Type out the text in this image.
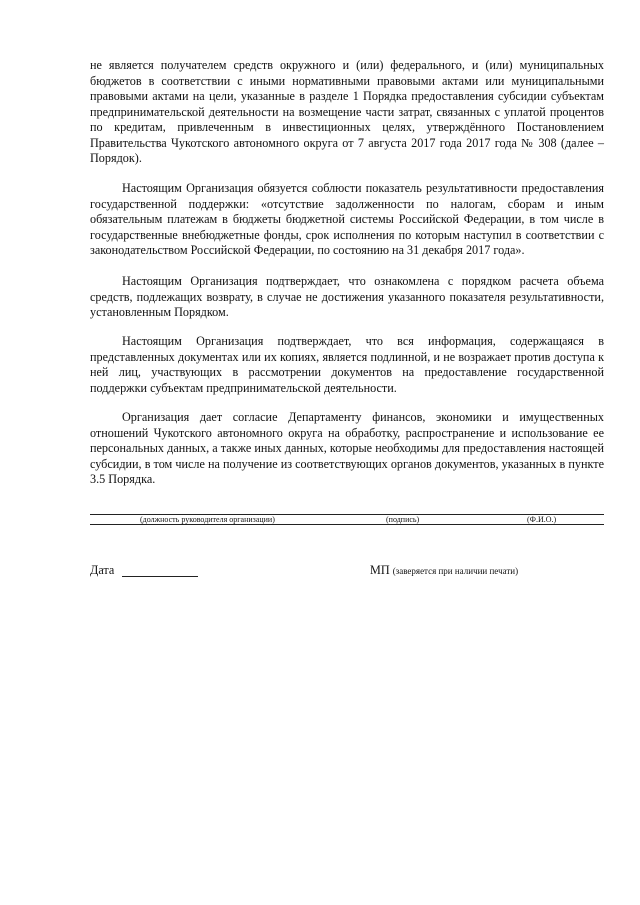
не является получателем средств окружного и (или) федерального, и (или) муниципальных бюджетов в соответствии с иными нормативными правовыми актами или муниципальными правовыми актами на цели, указанные в разделе 1 Порядка предоставления субсидии субъектам предпринимательской деятельности на возмещение части затрат, связанных с уплатой процентов по кредитам, привлеченным в инвестиционных целях, утверждённого Постановлением Правительства Чукотского автономного округа от 7 августа 2017 года 2017 года № 308 (далее – Порядок).

Настоящим Организация обязуется соблюсти показатель результативности предоставления государственной поддержки: «отсутствие задолженности по налогам, сборам и иным обязательным платежам в бюджеты бюджетной системы Российской Федерации, в том числе в государственные внебюджетные фонды, срок исполнения по которым наступил в соответствии с законодательством Российской Федерации, по состоянию на 31 декабря 2017 года».

Настоящим Организация подтверждает, что ознакомлена с порядком расчета объема средств, подлежащих возврату, в случае не достижения указанного показателя результативности, установленным Порядком.

Настоящим Организация подтверждает, что вся информация, содержащаяся в представленных документах или их копиях, является подлинной, и не возражает против доступа к ней лиц, участвующих в рассмотрении документов на предоставление государственной поддержки субъектам предпринимательской деятельности.

Организация дает согласие Департаменту финансов, экономики и имущественных отношений Чукотского автономного округа на обработку, распространение и использование ее персональных данных, а также иных данных, которые необходимы для предоставления настоящей субсидии, в том числе на получение из соответствующих органов документов, указанных в пункте 3.5 Порядка.

(должность руководителя организации)	(подпись)	(Ф.И.О.)
Дата	МП (заверяется при наличии печати)
